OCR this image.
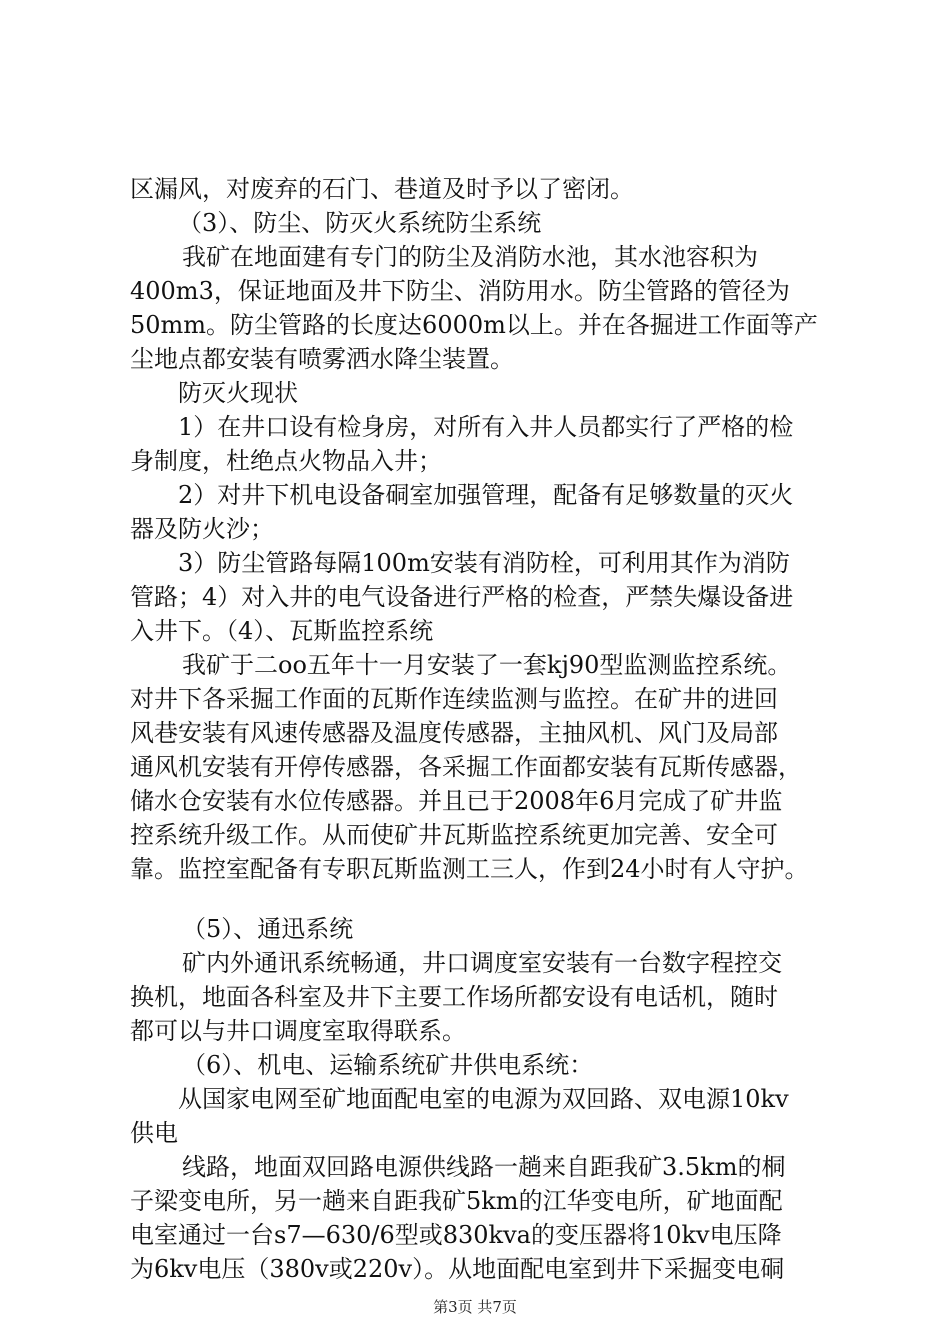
区漏风，对废弃的石门、巷道及时予以了密闭。
（3）、防尘、防灭火系统防尘系统
我矿在地面建有专门的防尘及消防水池，其水池容积为
400m3，保证地面及井下防尘、消防用水。防尘管路的管径为
50mm。防尘管路的长度达6000m以上。并在各掘进工作面等产
尘地点都安装有喷雾洒水降尘装置。
防灭火现状
1）在井口设有检身房，对所有入井人员都实行了严格的检
身制度，杜绝点火物品入井；
2）对井下机电设备硐室加强管理，配备有足够数量的灭火
器及防火沙；
3）防尘管路每隔100m安装有消防栓，可利用其作为消防
管路；4）对入井的电气设备进行严格的检查，严禁失爆设备进
入井下。（4）、瓦斯监控系统
我矿于二oo五年十一月安装了一套kj90型监测监控系统。
对井下各采掘工作面的瓦斯作连续监测与监控。在矿井的进回
风巷安装有风速传感器及温度传感器，主抽风机、风门及局部
通风机安装有开停传感器，各采掘工作面都安装有瓦斯传感器，
储水仓安装有水位传感器。并且已于2008年6月完成了矿井监
控系统升级工作。从而使矿井瓦斯监控系统更加完善、安全可
靠。监控室配备有专职瓦斯监测工三人，作到24小时有人守护。
（5）、通迅系统
矿内外通讯系统畅通，井口调度室安装有一台数字程控交
换机，地面各科室及井下主要工作场所都安设有电话机，随时
都可以与井口调度室取得联系。
（6）、机电、运输系统矿井供电系统：
从国家电网至矿地面配电室的电源为双回路、双电源10kv
供电
线路，地面双回路电源供线路一趟来自距我矿3.5km的桐
子梁变电所，另一趟来自距我矿5km的江华变电所，矿地面配
电室通过一台s7—630/6型或830kva的变压器将10kv电压降
为6kv电压（380v或220v）。从地面配电室到井下采掘变电硐
第3页 共7页
